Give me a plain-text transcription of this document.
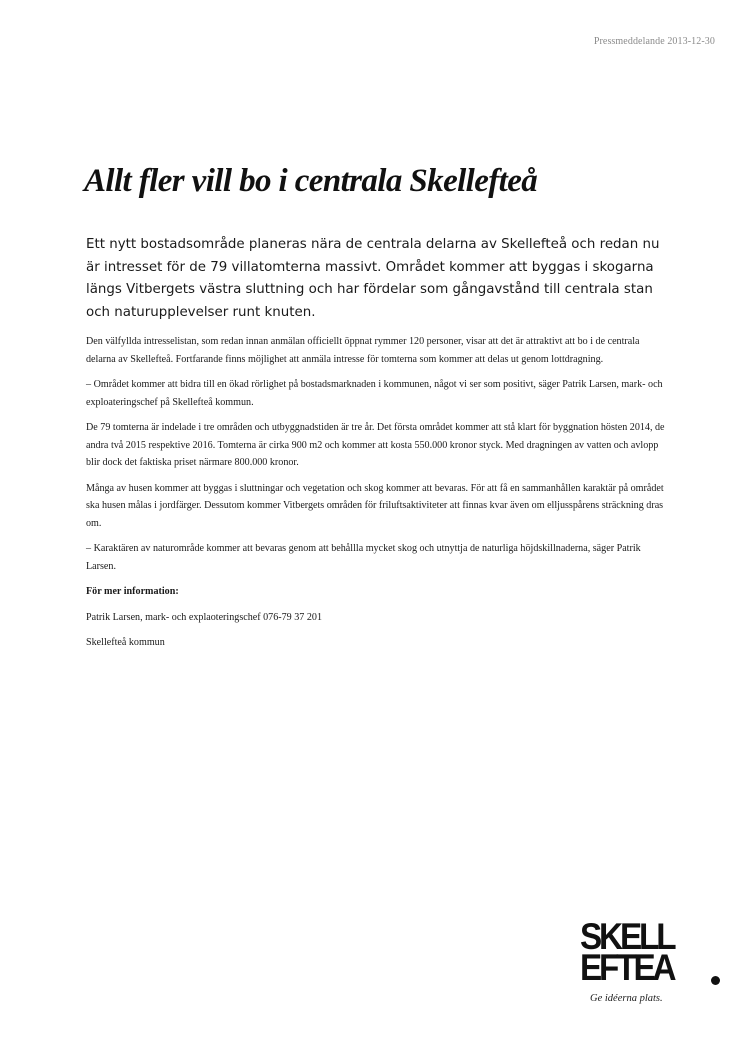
Pressmeddelande 2013-12-30
Allt fler vill bo i centrala Skellefteå

Ett nytt bostadsområde planeras nära de centrala delarna av Skellefteå och redan nu är intresset för de 79 villatomterna massivt. Området kommer att byggas i skogarna längs Vitbergets västra sluttning och har fördelar som gångavstånd till centrala stan och naturupplevelser runt knuten.

Den välfyllda intresselistan, som redan innan anmälan officiellt öppnat rymmer 120 personer, visar att det är attraktivt att bo i de centrala delarna av Skellefteå. Fortfarande finns möjlighet att anmäla intresse för tomterna som kommer att delas ut genom lottdragning.

– Området kommer att bidra till en ökad rörlighet på bostadsmarknaden i kommunen, något vi ser som positivt, säger Patrik Larsen, mark- och exploateringschef på Skellefteå kommun.

De 79 tomterna är indelade i tre områden och utbyggnadstiden är tre år. Det första området kommer att stå klart för byggnation hösten 2014, de andra två 2015 respektive 2016. Tomterna är cirka 900 m2 och kommer att kosta 550.000 kronor styck. Med dragningen av vatten och avlopp blir dock det faktiska priset närmare 800.000 kronor.

Många av husen kommer att byggas i sluttningar och vegetation och skog kommer att bevaras. För att få en sammanhållen karaktär på området ska husen målas i jordfärger. Dessutom kommer Vitbergets områden för friluftsaktiviteter att finnas kvar även om elljusspårens sträckning dras om.

– Karaktären av naturområde kommer att bevaras genom att behållla mycket skog och utnyttja de naturliga höjdskillnaderna, säger Patrik Larsen.

För mer information:

Patrik Larsen, mark- och explaoteringschef 076-79 37 201

Skellefteå kommun

SKELL
EFTEA
Ge idéerna plats.
